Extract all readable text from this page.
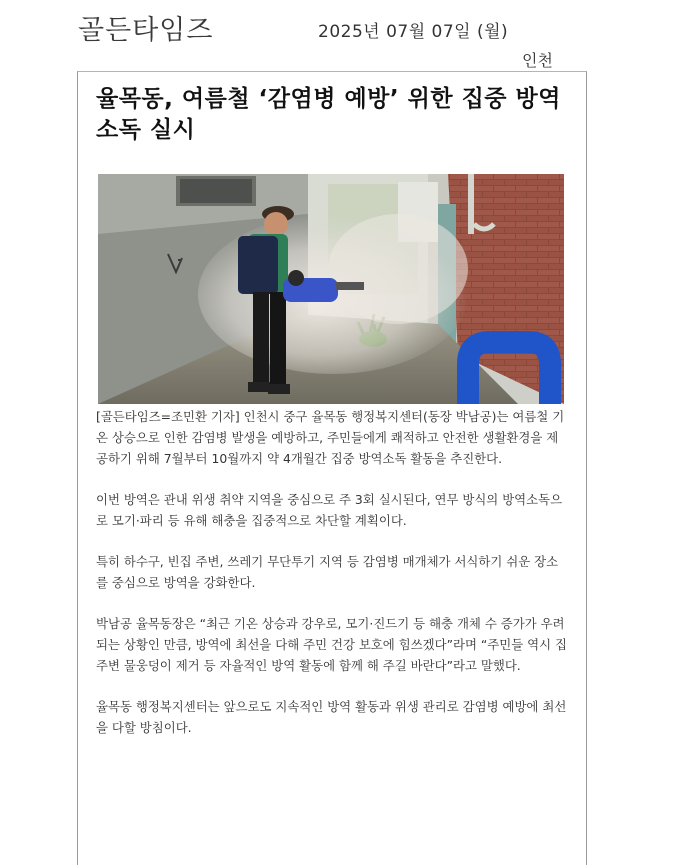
골든타임즈	2025년 07월 07일 (월)
인천
율목동, 여름철 ‘감염병 예방’ 위한 집중 방역소독 실시

[골든타임즈=조민환 기자] 인천시 중구 율목동 행정복지센터(동장 박남공)는 여름철 기온 상승으로 인한 감염병 발생을 예방하고, 주민들에게 쾌적하고 안전한 생활환경을 제공하기 위해 7월부터 10월까지 약 4개월간 집중 방역소독 활동을 추진한다.

이번 방역은 관내 위생 취약 지역을 중심으로 주 3회 실시된다, 연무 방식의 방역소독으로 모기·파리 등 유해 해충을 집중적으로 차단할 계획이다.

특히 하수구, 빈집 주변, 쓰레기 무단투기 지역 등 감염병 매개체가 서식하기 쉬운 장소를 중심으로 방역을 강화한다.

박남공 율목동장은 “최근 기온 상승과 강우로, 모기·진드기 등 해충 개체 수 증가가 우려되는 상황인 만큼, 방역에 최선을 다해 주민 건강 보호에 힘쓰겠다”라며 “주민들 역시 집 주변 물웅덩이 제거 등 자율적인 방역 활동에 함께 해 주길 바란다”라고 말했다.

율목동 행정복지센터는 앞으로도 지속적인 방역 활동과 위생 관리로 감염병 예방에 최선을 다할 방침이다.
